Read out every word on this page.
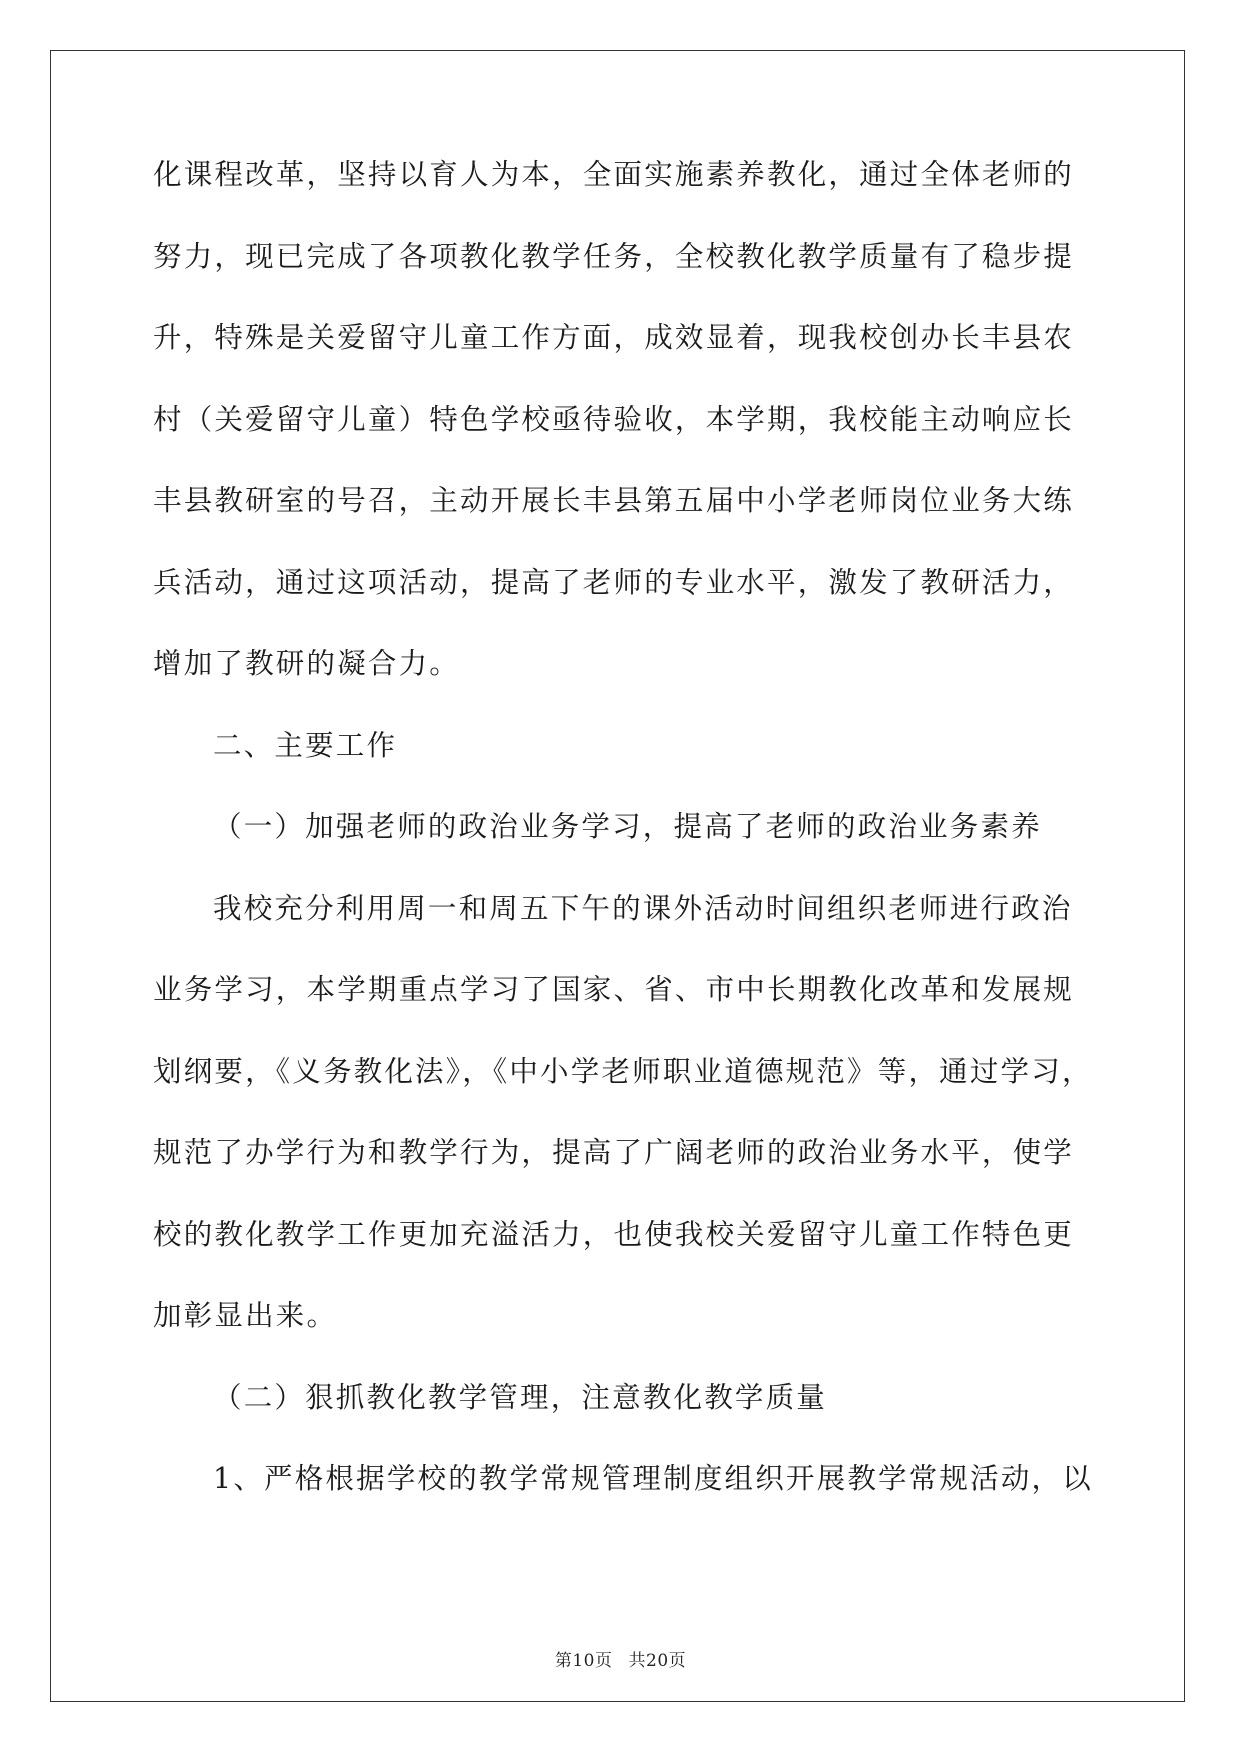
化课程改革，坚持以育人为本，全面实施素养教化，通过全体老师的
努力，现已完成了各项教化教学任务，全校教化教学质量有了稳步提
升，特殊是关爱留守儿童工作方面，成效显着，现我校创办长丰县农
村（关爱留守儿童）特色学校亟待验收，本学期，我校能主动响应长
丰县教研室的号召，主动开展长丰县第五届中小学老师岗位业务大练
兵活动，通过这项活动，提高了老师的专业水平，激发了教研活力，
增加了教研的凝合力。
二、主要工作
（一）加强老师的政治业务学习，提高了老师的政治业务素养
我校充分利用周一和周五下午的课外活动时间组织老师进行政治
业务学习，本学期重点学习了国家、省、市中长期教化改革和发展规
划纲要，《义务教化法》，《中小学老师职业道德规范》等，通过学习，
规范了办学行为和教学行为，提高了广阔老师的政治业务水平，使学
校的教化教学工作更加充溢活力，也使我校关爱留守儿童工作特色更
加彰显出来。
（二）狠抓教化教学管理，注意教化教学质量
1、严格根据学校的教学常规管理制度组织开展教学常规活动，以
第10页 共20页
